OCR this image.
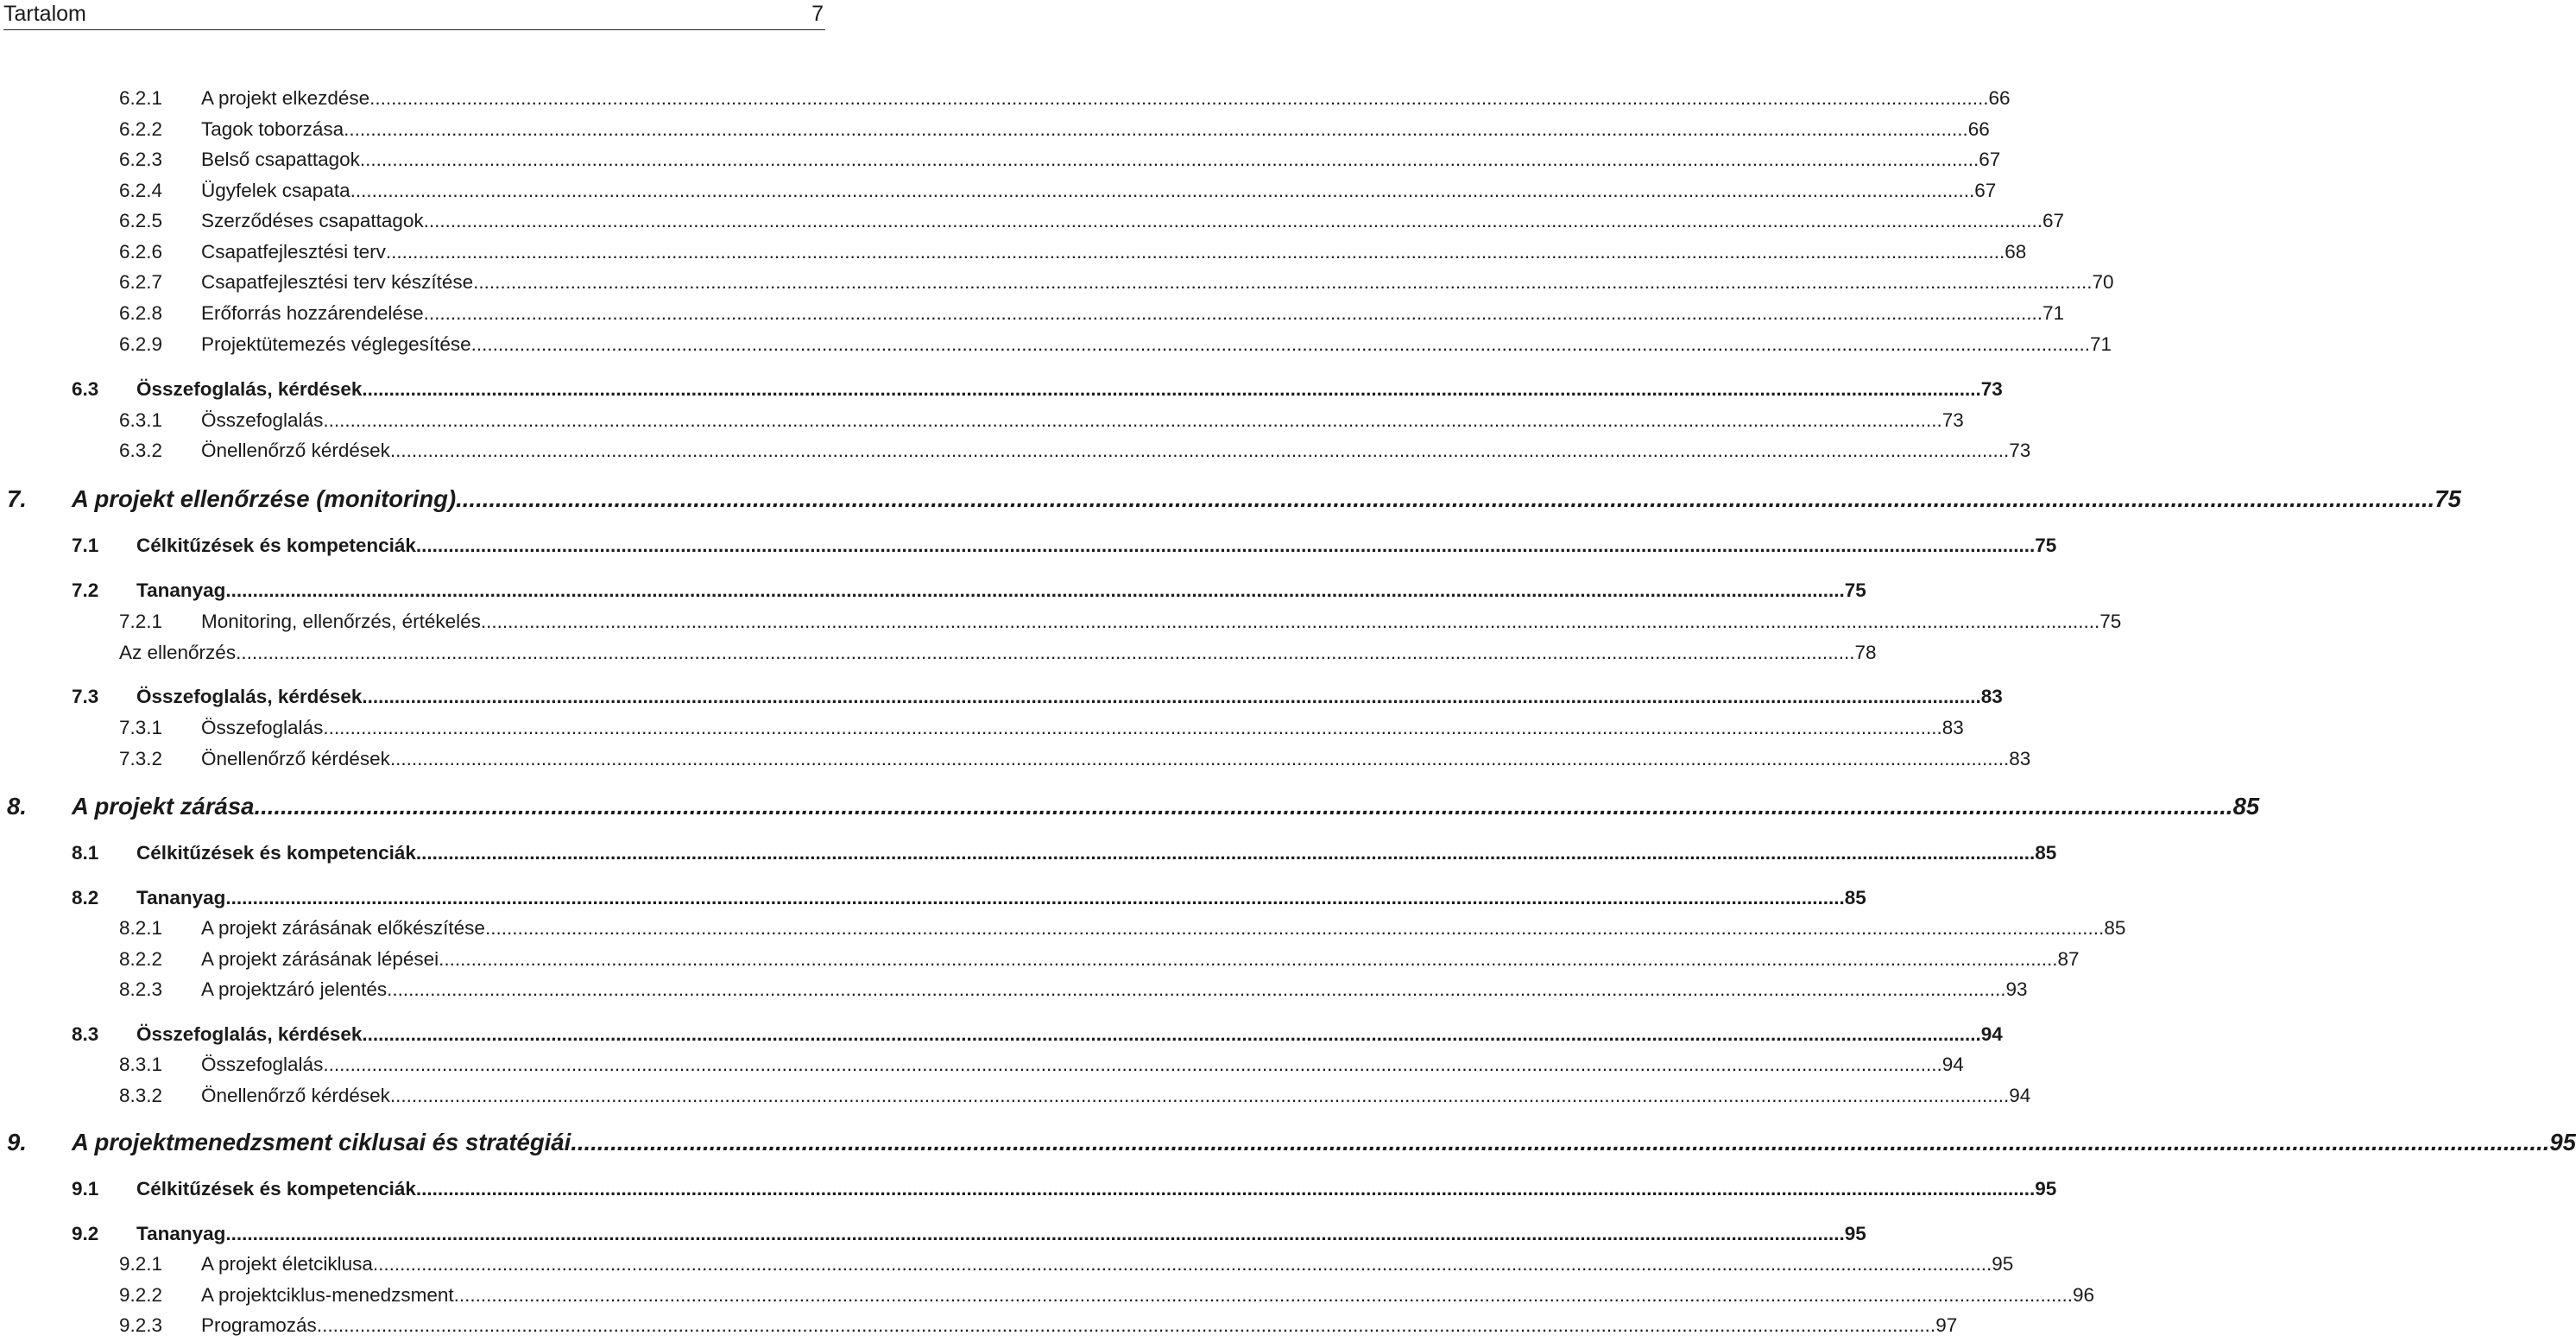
Tartalom	7
6.2.1	A projekt elkezdése ............................................................................................................................................................................................................................................................................................................ 66
6.2.2	Tagok toborzása. ............................................................................................................................................................................................................................................................................................................ 66
6.2.3	Belső csapattagok ............................................................................................................................................................................................................................................................................................................ 67
6.2.4	Ügyfelek csapata. ............................................................................................................................................................................................................................................................................................................ 67
6.2.5	Szerződéses csapattagok ............................................................................................................................................................................................................................................................................................................ 67
6.2.6	Csapatfejlesztési terv ............................................................................................................................................................................................................................................................................................................ 68
6.2.7	Csapatfejlesztési terv készítése ............................................................................................................................................................................................................................................................................................................ 70
6.2.8	Erőforrás hozzárendelése ............................................................................................................................................................................................................................................................................................................ 71
6.2.9	Projektütemezés véglegesítése ............................................................................................................................................................................................................................................................................................................ 71
6.3	Összefoglalás, kérdések ............................................................................................................................................................................................................................................................................................................ 73
6.3.1	Összefoglalás ............................................................................................................................................................................................................................................................................................................ 73
6.3.2	Önellenőrző kérdések ............................................................................................................................................................................................................................................................................................................ 73
7.	A projekt ellenőrzése (monitoring) ............................................................................................................................................................................................................................................................................................................ 75
7.1	Célkitűzések és kompetenciák ............................................................................................................................................................................................................................................................................................................ 75
7.2	Tananyag ............................................................................................................................................................................................................................................................................................................ 75
7.2.1	Monitoring, ellenőrzés, értékelés ............................................................................................................................................................................................................................................................................................................ 75
Az ellenőrzés ............................................................................................................................................................................................................................................................................................................ 78
7.3	Összefoglalás, kérdések ............................................................................................................................................................................................................................................................................................................ 83
7.3.1	Összefoglalás ............................................................................................................................................................................................................................................................................................................ 83
7.3.2	Önellenőrző kérdések ............................................................................................................................................................................................................................................................................................................ 83
8.	A projekt zárása ............................................................................................................................................................................................................................................................................................................ 85
8.1	Célkitűzések és kompetenciák ............................................................................................................................................................................................................................................................................................................ 85
8.2	Tananyag ............................................................................................................................................................................................................................................................................................................ 85
8.2.1	A projekt zárásának előkészítése ............................................................................................................................................................................................................................................................................................................ 85
8.2.2	A projekt zárásának lépései ............................................................................................................................................................................................................................................................................................................ 87
8.2.3	A projektzáró jelentés ............................................................................................................................................................................................................................................................................................................ 93
8.3	Összefoglalás, kérdések ............................................................................................................................................................................................................................................................................................................ 94
8.3.1	Összefoglalás ............................................................................................................................................................................................................................................................................................................ 94
8.3.2	Önellenőrző kérdések ............................................................................................................................................................................................................................................................................................................ 94
9.	A projektmenedzsment ciklusai és stratégiái ............................................................................................................................................................................................................................................................................................................ 95
9.1	Célkitűzések és kompetenciák ............................................................................................................................................................................................................................................................................................................ 95
9.2	Tananyag ............................................................................................................................................................................................................................................................................................................ 95
9.2.1	A projekt életciklusa ............................................................................................................................................................................................................................................................................................................ 95
9.2.2	A projektciklus-menedzsment ............................................................................................................................................................................................................................................................................................................ 96
9.2.3	Programozás ............................................................................................................................................................................................................................................................................................................ 97
